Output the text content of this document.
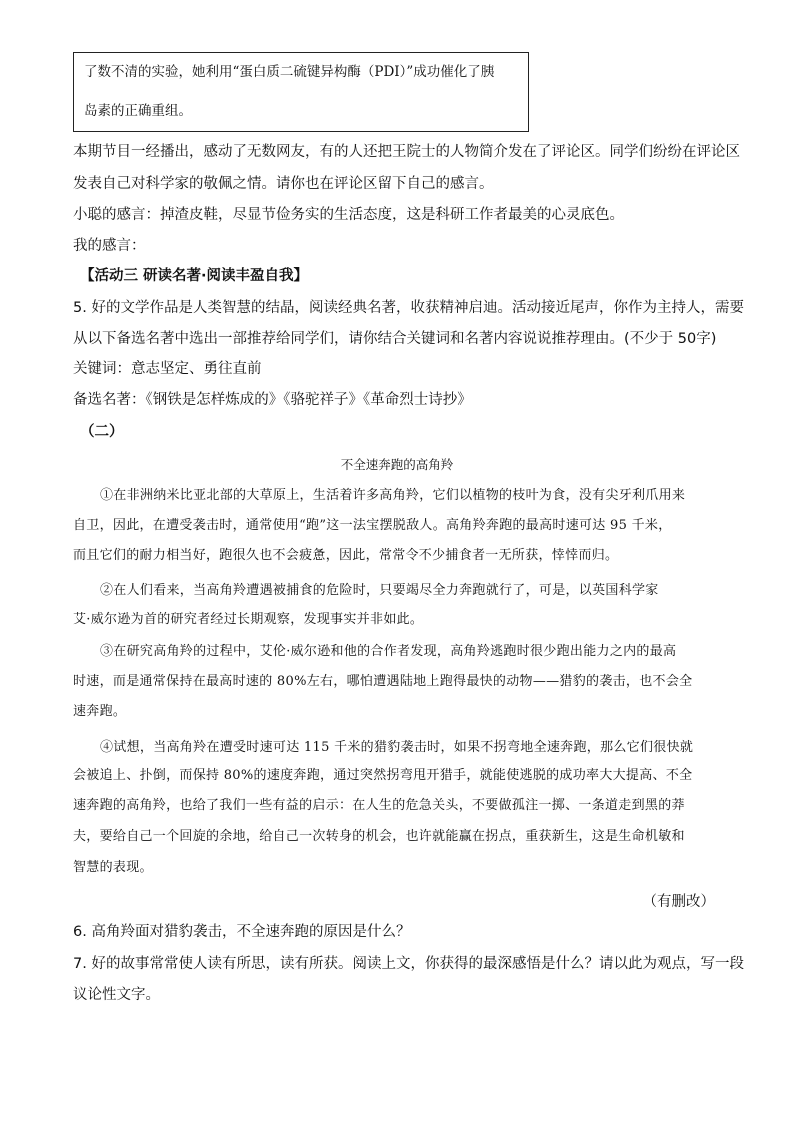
了数不清的实验，她利用“蛋白质二硫键异构酶（PDI）”成功催化了胰

岛素的正确重组。

本期节目一经播出，感动了无数网友，有的人还把王院士的人物简介发在了评论区。同学们纷纷在评论区

发表自己对科学家的敬佩之情。请你也在评论区留下自己的感言。

小聪的感言：掉渣皮鞋，尽显节俭务实的生活态度，这是科研工作者最美的心灵底色。

我的感言：

【活动三 研读名著·阅读丰盈自我】

5. 好的文学作品是人类智慧的结晶，阅读经典名著，收获精神启迪。活动接近尾声，你作为主持人，需要

从以下备选名著中选出一部推荐给同学们，请你结合关键词和名著内容说说推荐理由。(不少于 50字)

关键词：意志坚定、勇往直前

备选名著：《钢铁是怎样炼成的》《骆驼祥子》《革命烈士诗抄》

（二）

不全速奔跑的高角羚

①在非洲纳米比亚北部的大草原上，生活着许多高角羚，它们以植物的枝叶为食，没有尖牙利爪用来

自卫，因此，在遭受袭击时，通常使用“跑”这一法宝摆脱敌人。高角羚奔跑的最高时速可达 95 千米，

而且它们的耐力相当好，跑很久也不会疲惫，因此，常常令不少捕食者一无所获，悻悻而归。

②在人们看来，当高角羚遭遇被捕食的危险时，只要竭尽全力奔跑就行了，可是，以英国科学家

艾·威尔逊为首的研究者经过长期观察，发现事实并非如此。

③在研究高角羚的过程中，艾伦·威尔逊和他的合作者发现，高角羚逃跑时很少跑出能力之内的最高

时速，而是通常保持在最高时速的 80%左右，哪怕遭遇陆地上跑得最快的动物——猎豹的袭击，也不会全

速奔跑。

④试想，当高角羚在遭受时速可达 115 千米的猎豹袭击时，如果不拐弯地全速奔跑，那么它们很快就

会被追上、扑倒，而保持 80%的速度奔跑，通过突然拐弯甩开猎手，就能使逃脱的成功率大大提高、不全

速奔跑的高角羚，也给了我们一些有益的启示：在人生的危急关头，不要做孤注一掷、一条道走到黑的莽

夫，要给自己一个回旋的余地，给自己一次转身的机会，也许就能赢在拐点，重获新生，这是生命机敏和

智慧的表现。

（有删改）

6. 高角羚面对猎豹袭击，不全速奔跑的原因是什么？

7. 好的故事常常使人读有所思，读有所获。阅读上文，你获得的最深感悟是什么？请以此为观点，写一段

议论性文字。
